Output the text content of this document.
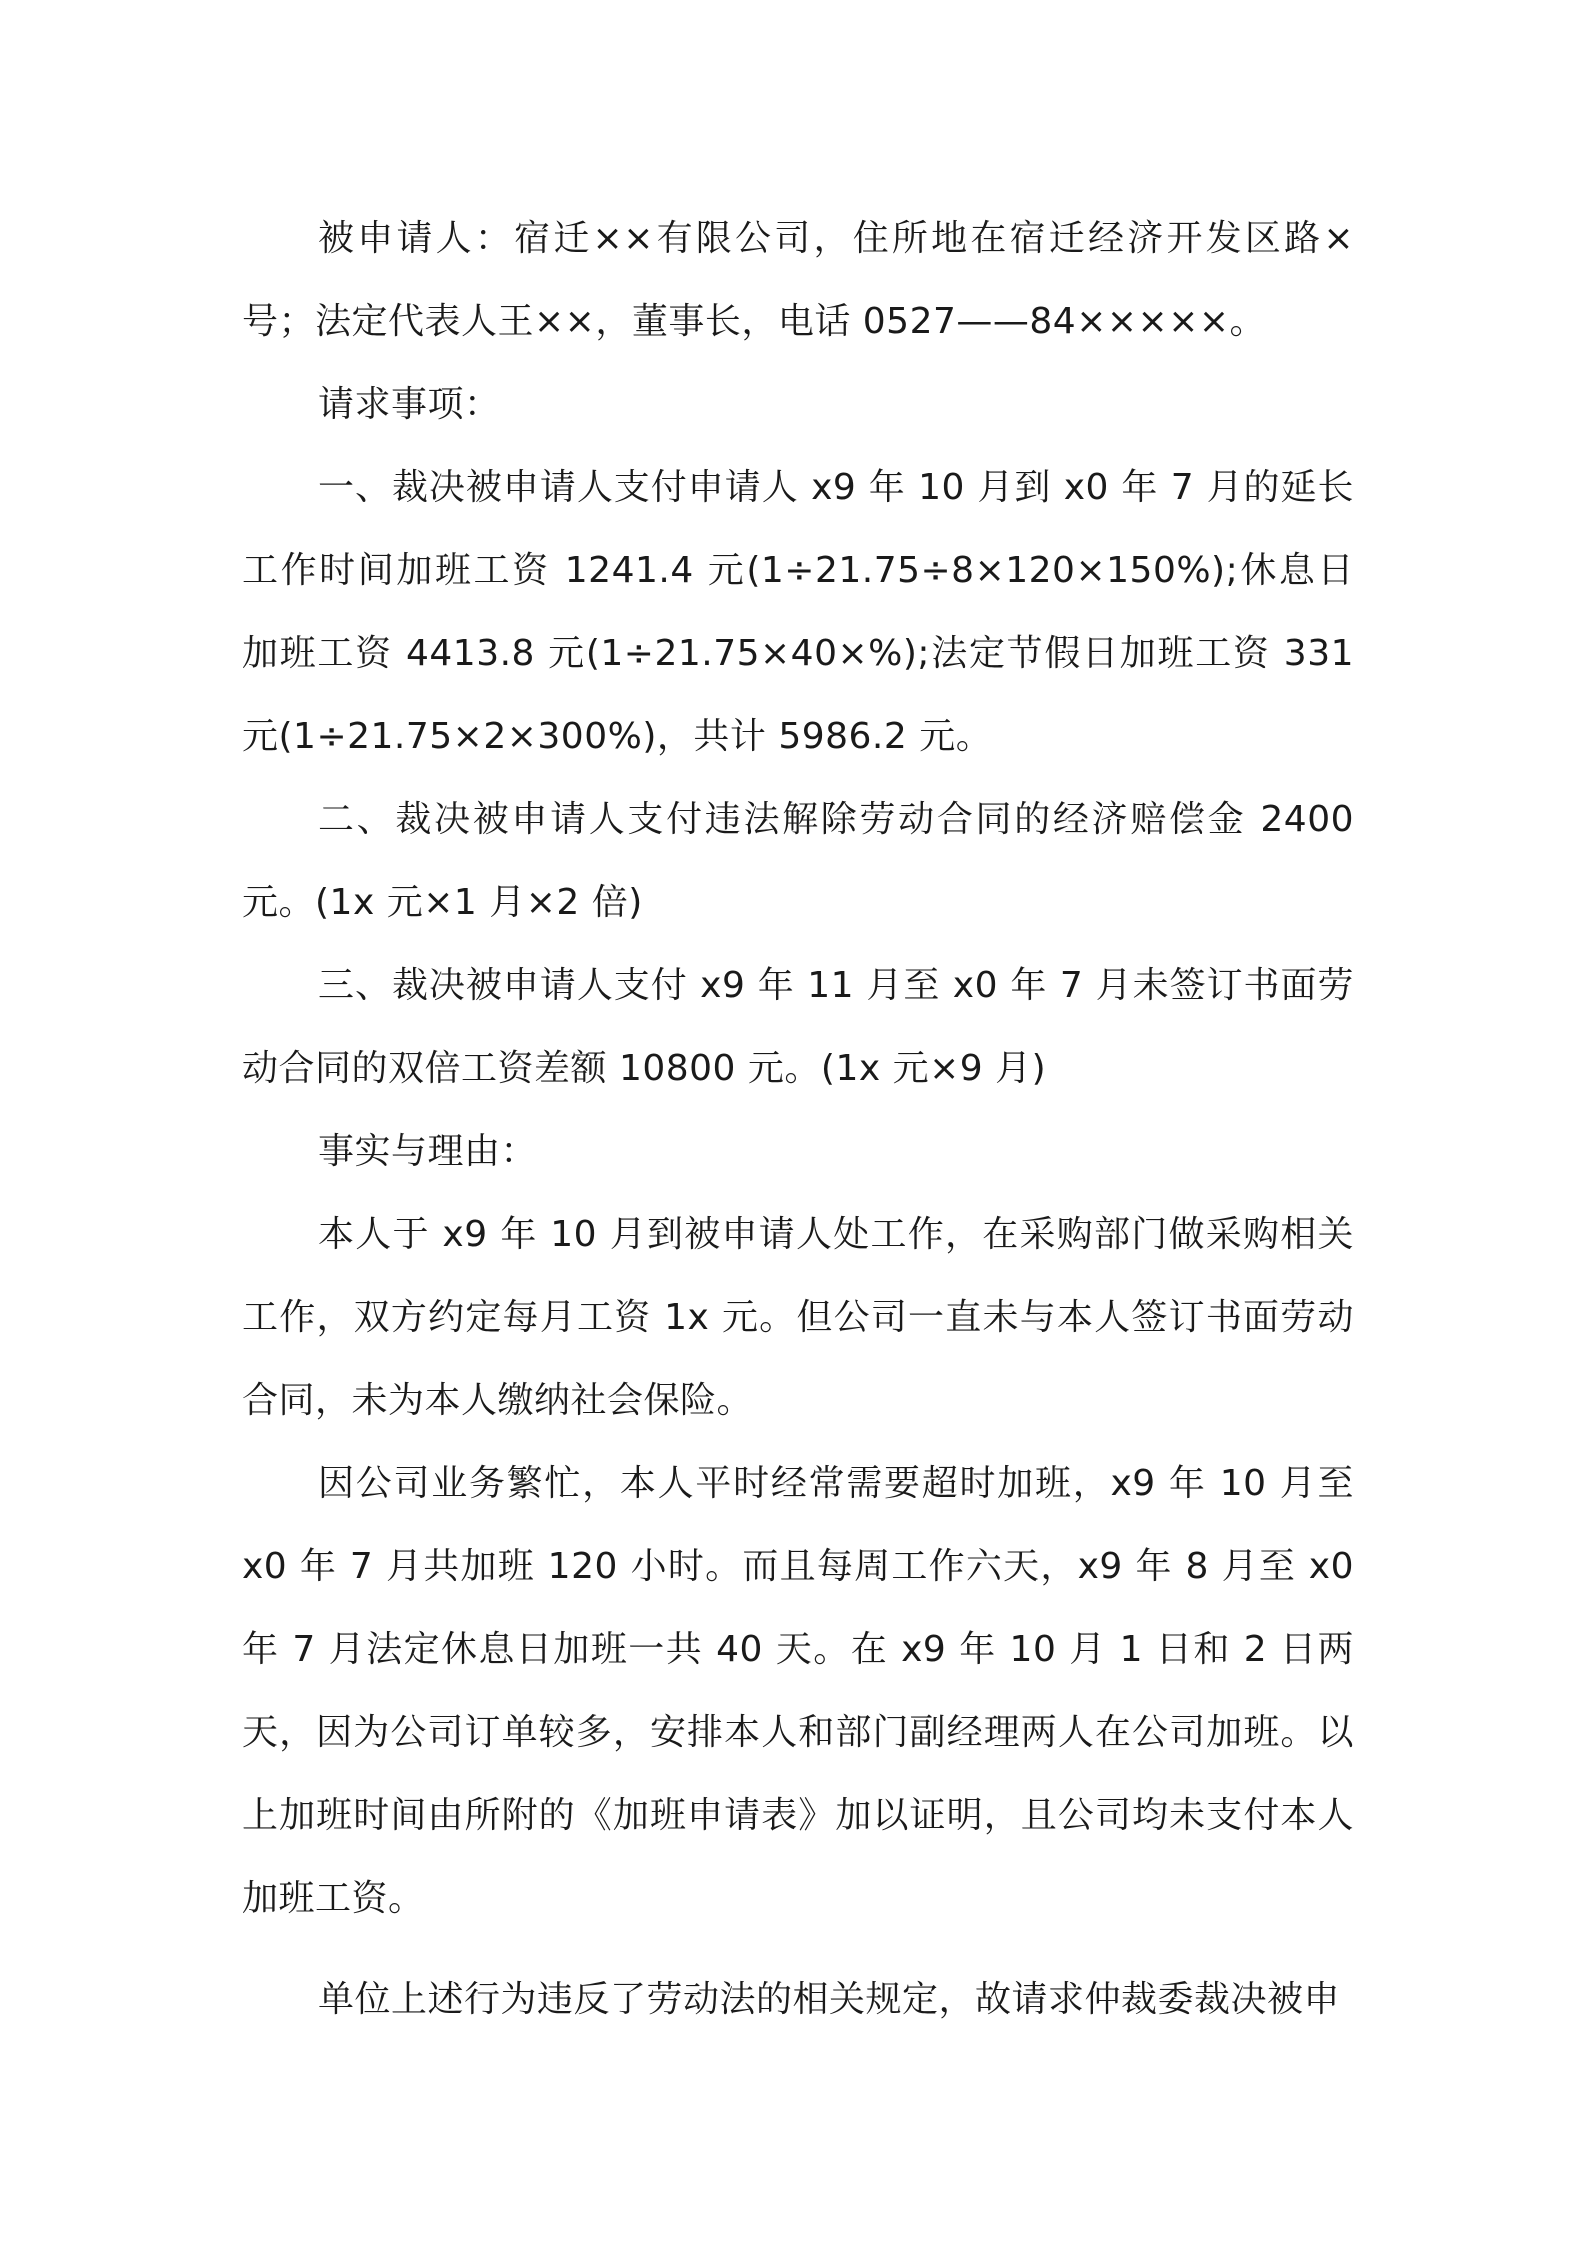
被申请人：宿迁××有限公司，住所地在宿迁经济开发区路×号；法定代表人王××，董事长，电话 0527——84×××××。

请求事项：

一、裁决被申请人支付申请人 x9 年 10 月到 x0 年 7 月的延长工作时间加班工资 1241.4 元(1÷21.75÷8×120×150%);休息日加班工资 4413.8 元(1÷21.75×40×%);法定节假日加班工资 331 元(1÷21.75×2×300%)，共计 5986.2 元。

二、裁决被申请人支付违法解除劳动合同的经济赔偿金 2400 元。(1x 元×1 月×2 倍)

三、裁决被申请人支付 x9 年 11 月至 x0 年 7 月未签订书面劳动合同的双倍工资差额 10800 元。(1x 元×9 月)

事实与理由：

本人于 x9 年 10 月到被申请人处工作，在采购部门做采购相关工作，双方约定每月工资 1x 元。但公司一直未与本人签订书面劳动合同，未为本人缴纳社会保险。

因公司业务繁忙，本人平时经常需要超时加班，x9 年 10 月至 x0 年 7 月共加班 120 小时。而且每周工作六天，x9 年 8 月至 x0 年 7 月法定休息日加班一共 40 天。在 x9 年 10 月 1 日和 2 日两天，因为公司订单较多，安排本人和部门副经理两人在公司加班。以上加班时间由所附的《加班申请表》加以证明，且公司均未支付本人加班工资。

单位上述行为违反了劳动法的相关规定，故请求仲裁委裁决被申
